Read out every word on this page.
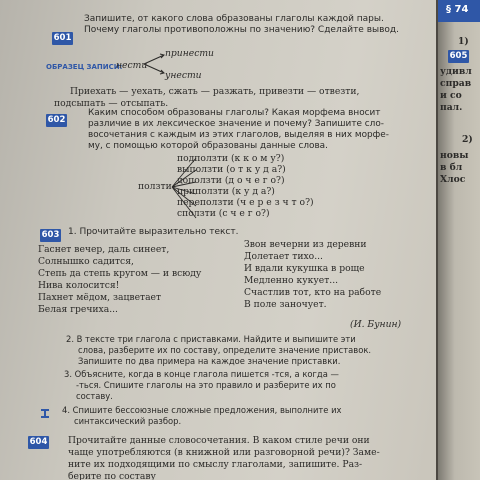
601
Запишите, от какого слова образованы глаголы каждой пары.
Почему глаголы противоположны по значению? Сделайте вывод.
ОБРАЗЕЦ ЗАПИСИ:
нести
принести
унести
Приехать — уехать, сжать — разжать, привезти — отвезти,
подсыпать — отсыпать.
602
Каким способом образованы глаголы? Какая морфема вносит
различие в их лексическое значение и почему? Запишите сло-
восочетания с каждым из этих глаголов, выделяя в них морфе-
му, с помощью которой образованы данные слова.
ползти
подползти (к к о м у?)
выползти (о т к у д а?)
доползти (д о ч е г о?)
приползти (к у д а?)
переползти (ч е р е з ч т о?)
сползти (с ч е г о?)
603 1. Прочитайте выразительно текст.
Гаснет вечер, даль синеет,
Солнышко садится,
Степь да степь кругом — и всюду
Нива колосится!
Пахнет мёдом, зацветает
Белая гречиха...
Звон вечерни из деревни
Долетает тихо...
И вдали кукушка в роще
Медленно кукует...
Счастлив тот, кто на работе
В поле заночует.
(И. Бунин)
2. В тексте три глагола с приставками. Найдите и выпишите эти
слова, разберите их по составу, определите значение приставок.
Запишите по два примера на каждое значение приставки.
3. Объясните, когда в конце глагола пишется -тся, а когда —
-ться. Спишите глаголы на это правило и разберите их по
составу.
4. Спишите бессоюзные сложные предложения, выполните их
синтаксический разбор.
604 Прочитайте данные словосочетания. В каком стиле речи они
чаще употребляются (в книжной или разговорной речи)? Заме-
ните их подходящими по смыслу глаголами, запишите. Раз-
берите по составу
§ 74
605
1)
удивл
справ
и со
пал.
2)
новы
в бл
Хлос
